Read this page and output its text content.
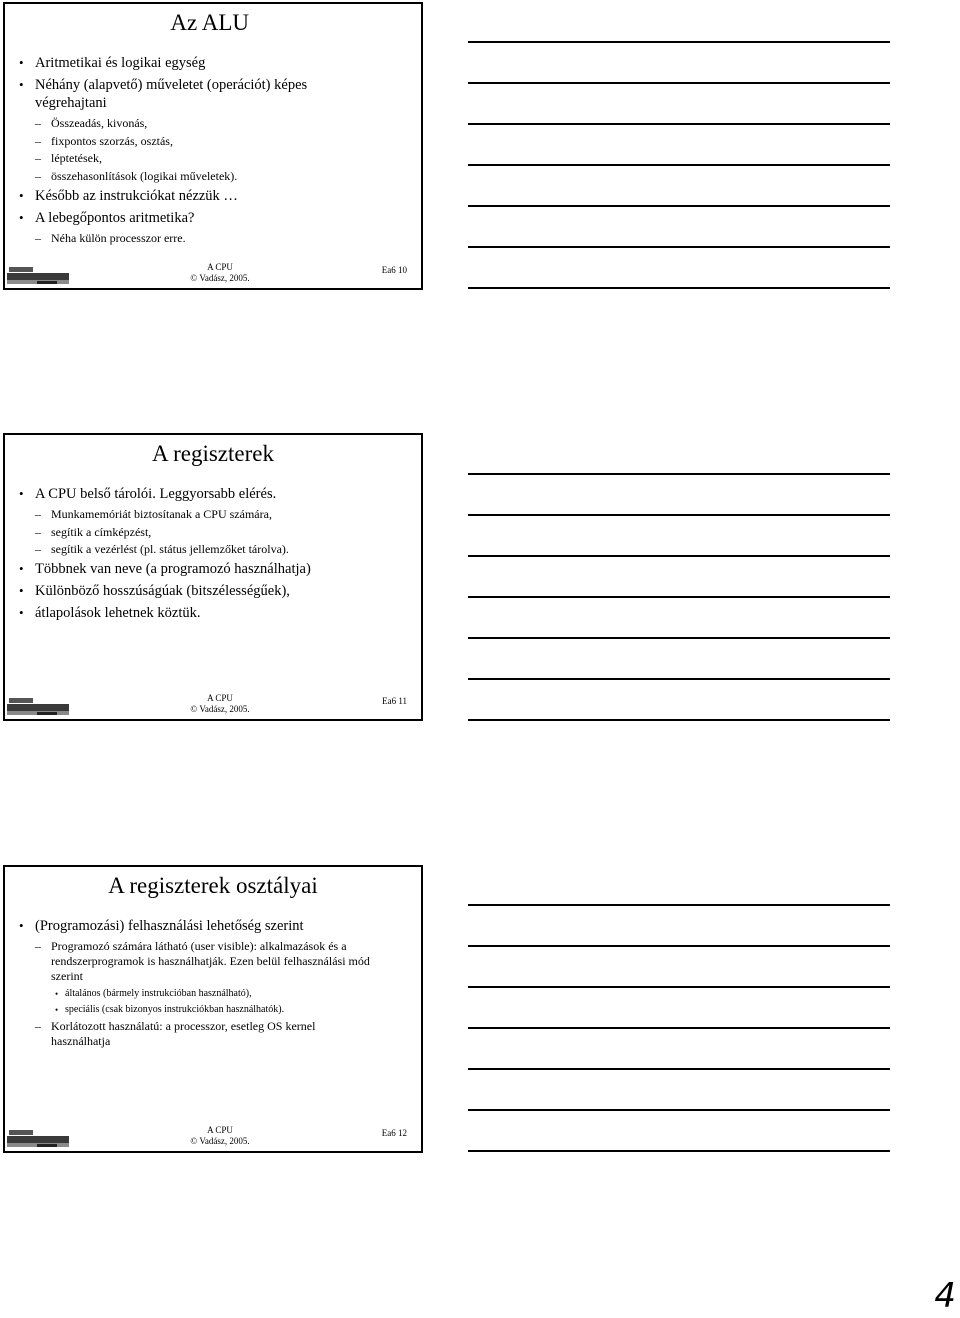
Az ALU
• Aritmetikai és logikai egység
• Néhány (alapvető) műveletet (operációt) képes végrehajtani
– Összeadás, kivonás,
– fixpontos szorzás, osztás,
– léptetések,
– összehasonlítások (logikai műveletek).
• Később az instrukciókat nézzük …
• A lebegőpontos aritmetika?
– Néha külön processzor erre.
A CPU
© Vadász, 2005.
Ea6 10
A regiszterek
• A CPU belső tárolói. Leggyorsabb elérés.
– Munkamemóriát biztosítanak a CPU számára,
– segítik a címképzést,
– segítik a vezérlést (pl. státus jellemzőket tárolva).
• Többnek van neve (a programozó használhatja)
• Különböző hosszúságúak (bitszélességűek),
• átlapolások lehetnek köztük.
A CPU
© Vadász, 2005.
Ea6 11
A regiszterek osztályai
• (Programozási) felhasználási lehetőség szerint
– Programozó számára látható (user visible): alkalmazások és a rendszerprogramok is használhatják. Ezen belül felhasználási mód szerint
• általános (bármely instrukcióban használható),
• speciális (csak bizonyos instrukciókban használhatók).
– Korlátozott használatú: a processzor, esetleg OS kernel használhatja
A CPU
© Vadász, 2005.
Ea6 12
4
